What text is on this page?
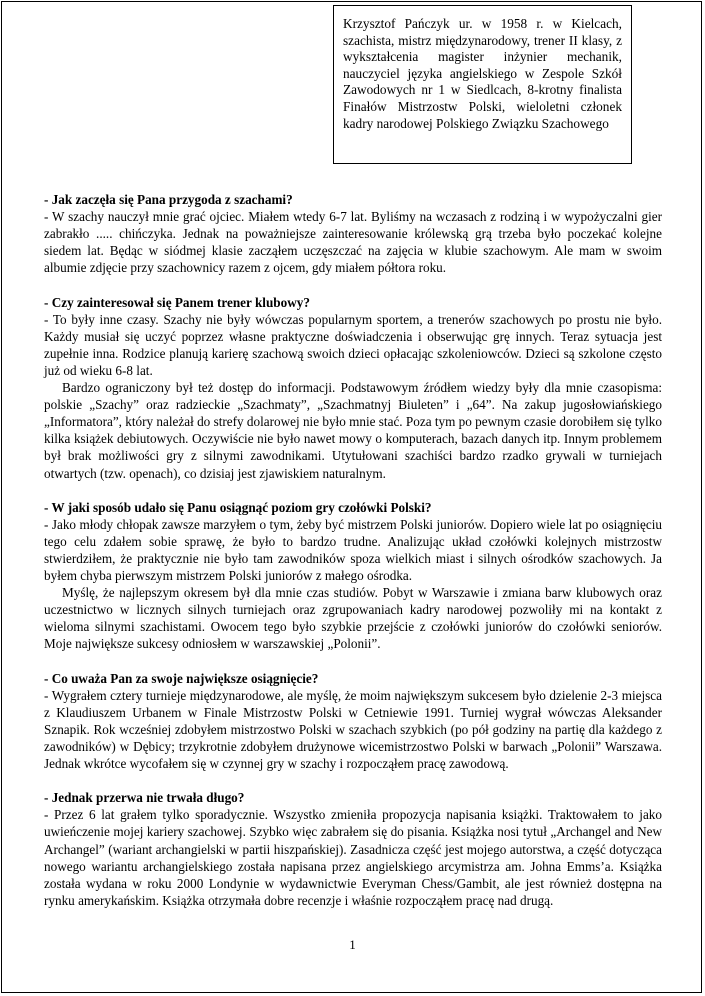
Krzysztof Pańczyk ur. w 1958 r. w Kielcach, szachista, mistrz międzynarodowy, trener II klasy, z wykształcenia magister inżynier mechanik, nauczyciel języka angielskiego w Zespole Szkół Zawodowych nr 1 w Siedlcach, 8-krotny finalista Finałów Mistrzostw Polski, wieloletni członek kadry narodowej Polskiego Związku Szachowego
- Jak zaczęła się Pana przygoda z szachami?

- W szachy nauczył mnie grać ojciec. Miałem wtedy 6-7 lat. Byliśmy na wczasach z rodziną i w wypożyczalni gier zabrakło ..... chińczyka. Jednak na poważniejsze zainteresowanie królewską grą trzeba było poczekać kolejne siedem lat. Będąc w siódmej klasie zacząłem uczęszczać na zajęcia w klubie szachowym. Ale mam w swoim albumie zdjęcie przy szachownicy razem z ojcem, gdy miałem półtora roku.

- Czy zainteresował się Panem trener klubowy?

- To były inne czasy. Szachy nie były wówczas popularnym sportem, a trenerów szachowych po prostu nie było. Każdy musiał się uczyć poprzez własne praktyczne doświadczenia i obserwując grę innych. Teraz sytuacja jest zupełnie inna. Rodzice planują karierę szachową swoich dzieci opłacając szkoleniowców. Dzieci są szkolone często już od wieku 6-8 lat.

Bardzo ograniczony był też dostęp do informacji. Podstawowym źródłem wiedzy były dla mnie czasopisma: polskie „Szachy” oraz radzieckie „Szachmaty”, „Szachmatnyj Biuleten” i „64”. Na zakup jugosłowiańskiego „Informatora”, który należał do strefy dolarowej nie było mnie stać. Poza tym po pewnym czasie dorobiłem się tylko kilka książek debiutowych. Oczywiście nie było nawet mowy o komputerach, bazach danych itp. Innym problemem był brak możliwości gry z silnymi zawodnikami. Utytułowani szachiści bardzo rzadko grywali w turniejach otwartych (tzw. openach), co dzisiaj jest zjawiskiem naturalnym.

- W jaki sposób udało się Panu osiągnąć poziom gry czołówki Polski?

- Jako młody chłopak zawsze marzyłem o tym, żeby być mistrzem Polski juniorów. Dopiero wiele lat po osiągnięciu tego celu zdałem sobie sprawę, że było to bardzo trudne. Analizując układ czołówki kolejnych mistrzostw stwierdziłem, że praktycznie nie było tam zawodników spoza wielkich miast i silnych ośrodków szachowych. Ja byłem chyba pierwszym mistrzem Polski juniorów z małego ośrodka.

Myślę, że najlepszym okresem był dla mnie czas studiów. Pobyt w Warszawie i zmiana barw klubowych oraz uczestnictwo w licznych silnych turniejach oraz zgrupowaniach kadry narodowej pozwoliły mi na kontakt z wieloma silnymi szachistami. Owocem tego było szybkie przejście z czołówki juniorów do czołówki seniorów. Moje największe sukcesy odniosłem w warszawskiej „Polonii”.

- Co uważa Pan za swoje największe osiągnięcie?

- Wygrałem cztery turnieje międzynarodowe, ale myślę, że moim największym sukcesem było dzielenie 2-3 miejsca z Klaudiuszem Urbanem w Finale Mistrzostw Polski w Cetniewie 1991. Turniej wygrał wówczas Aleksander Sznapik. Rok wcześniej zdobyłem mistrzostwo Polski w szachach szybkich (po pół godziny na partię dla każdego z zawodników) w Dębicy; trzykrotnie zdobyłem drużynowe wicemistrzostwo Polski w barwach „Polonii” Warszawa. Jednak wkrótce wycofałem się w czynnej gry w szachy i rozpocząłem pracę zawodową.

- Jednak przerwa nie trwała długo?

- Przez 6 lat grałem tylko sporadycznie. Wszystko zmieniła propozycja napisania książki. Traktowałem to jako uwieńczenie mojej kariery szachowej. Szybko więc zabrałem się do pisania. Książka nosi tytuł „Archangel and New Archangel” (wariant archangielski w partii hiszpańskiej). Zasadnicza część jest mojego autorstwa, a część dotycząca nowego wariantu archangielskiego została napisana przez angielskiego arcymistrza am. Johna Emms’a. Książka została wydana w roku 2000 Londynie w wydawnictwie Everyman Chess/Gambit, ale jest również dostępna na rynku amerykańskim. Książka otrzymała dobre recenzje i właśnie rozpocząłem pracę nad drugą.

1
